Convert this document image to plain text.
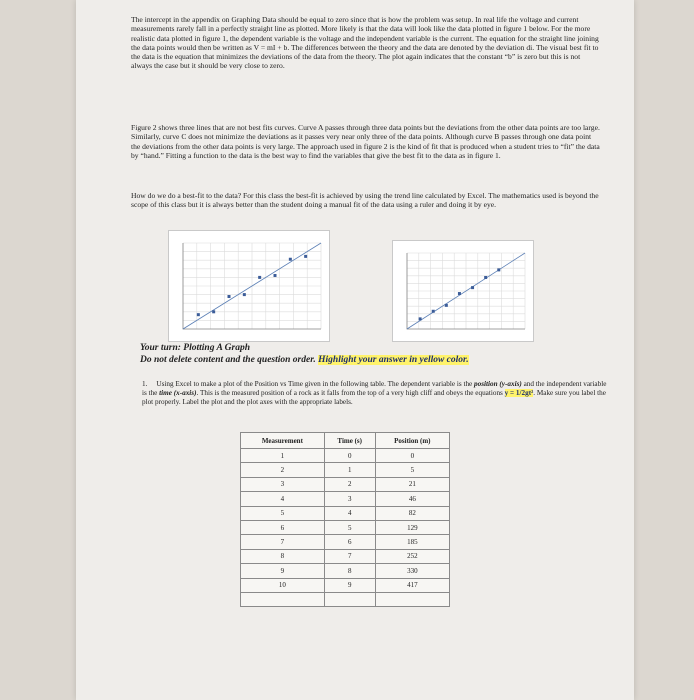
The intercept in the appendix on Graphing Data should be equal to zero since that is how the problem was setup. In real life the voltage and current measurements rarely fall in a perfectly straight line as plotted. More likely is that the data will look like the data plotted in figure 1 below. For the more realistic data plotted in figure 1, the dependent variable is the voltage and the independent variable is the current. The equation for the straight line joining the data points would then be written as V = mI + b. The differences between the theory and the data are denoted by the deviation di. The visual best fit to the data is the equation that minimizes the deviations of the data from the theory. The plot again indicates that the constant “b” is zero but this is not always the case but it should be very close to zero.

Figure 2 shows three lines that are not best fits curves. Curve A passes through three data points but the deviations from the other data points are too large. Similarly, curve C does not minimize the deviations as it passes very near only three of the data points. Although curve B passes through one data point the deviations from the other data points is very large. The approach used in figure 2 is the kind of fit that is produced when a student tries to “fit” the data by “hand.” Fitting a function to the data is the best way to find the variables that give the best fit to the data as in figure 1.

How do we do a best-fit to the data? For this class the best-fit is achieved by using the trend line calculated by Excel. The mathematics used is beyond the scope of this class but it is always better than the student doing a manual fit of the data using a ruler and doing it by eye.

Your turn: Plotting A Graph
Do not delete content and the question order. Highlight your answer in yellow color.
1. Using Excel to make a plot of the Position vs Time given in the following table. The dependent variable is the position (y-axis) and the independent variable is the time (x-axis). This is the measured position of a rock as it falls from the top of a very high cliff and obeys the equations y = 1/2gt². Make sure you label the plot properly. Label the plot and the plot axes with the appropriate labels.
Measurement	Time (s)	Position (m)
1	0	0
2	1	5
3	2	21
4	3	46
5	4	82
6	5	129
7	6	185
8	7	252
9	8	330
10	9	417
